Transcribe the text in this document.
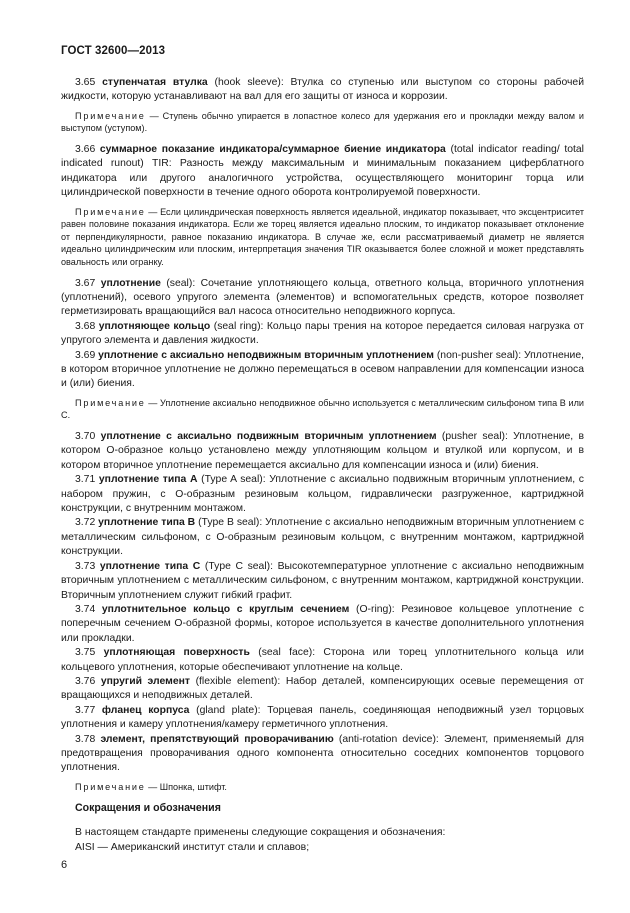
ГОСТ 32600—2013

3.65 ступенчатая втулка (hook sleeve): Втулка со ступенью или выступом со стороны рабочей жидкости, которую устанавливают на вал для его защиты от износа и коррозии.

Примечание — Ступень обычно упирается в лопастное колесо для удержания его и прокладки между валом и выступом (уступом).

3.66 суммарное показание индикатора/суммарное биение индикатора (total indicator reading/ total indicated runout) TIR: Разность между максимальным и минимальным показанием циферблатного индикатора или другого аналогичного устройства, осуществляющего мониторинг торца или цилиндрической поверхности в течение одного оборота контролируемой поверхности.

Примечание — Если цилиндрическая поверхность является идеальной, индикатор показывает, что эксцентриситет равен половине показания индикатора. Если же торец является идеально плоским, то индикатор показывает отклонение от перпендикулярности, равное показанию индикатора. В случае же, если рассматриваемый диаметр не является идеально цилиндрическим или плоским, интерпретация значения TIR оказывается более сложной и может представлять овальность или огранку.

3.67 уплотнение (seal): Сочетание уплотняющего кольца, ответного кольца, вторичного уплотнения (уплотнений), осевого упругого элемента (элементов) и вспомогательных средств, которое позволяет герметизировать вращающийся вал насоса относительно неподвижного корпуса.

3.68 уплотняющее кольцо (seal ring): Кольцо пары трения на которое передается силовая нагрузка от упругого элемента и давления жидкости.

3.69 уплотнение с аксиально неподвижным вторичным уплотнением (non-pusher seal): Уплотнение, в котором вторичное уплотнение не должно перемещаться в осевом направлении для компенсации износа и (или) биения.

Примечание — Уплотнение аксиально неподвижное обычно используется с металлическим сильфоном типа В или С.

3.70 уплотнение с аксиально подвижным вторичным уплотнением (pusher seal): Уплотнение, в котором О-образное кольцо установлено между уплотняющим кольцом и втулкой или корпусом, и в котором вторичное уплотнение перемещается аксиально для компенсации износа и (или) биения.

3.71 уплотнение типа А (Type A seal): Уплотнение с аксиально подвижным вторичным уплотнением, с набором пружин, с О-образным резиновым кольцом, гидравлически разгруженное, картриджной конструкции, с внутренним монтажом.

3.72 уплотнение типа В (Type B seal): Уплотнение с аксиально неподвижным вторичным уплотнением с металлическим сильфоном, с О-образным резиновым кольцом, с внутренним монтажом, картриджной конструкции.

3.73 уплотнение типа С (Type C seal): Высокотемпературное уплотнение с аксиально неподвижным вторичным уплотнением с металлическим сильфоном, с внутренним монтажом, картриджной конструкции. Вторичным уплотнением служит гибкий графит.

3.74 уплотнительное кольцо с круглым сечением (O-ring): Резиновое кольцевое уплотнение с поперечным сечением О-образной формы, которое используется в качестве дополнительного уплотнения или прокладки.

3.75 уплотняющая поверхность (seal face): Сторона или торец уплотнительного кольца или кольцевого уплотнения, которые обеспечивают уплотнение на кольце.

3.76 упругий элемент (flexible element): Набор деталей, компенсирующих осевые перемещения от вращающихся и неподвижных деталей.

3.77 фланец корпуса (gland plate): Торцевая панель, соединяющая неподвижный узел торцовых уплотнения и камеру уплотнения/камеру герметичного уплотнения.

3.78 элемент, препятствующий проворачиванию (anti-rotation device): Элемент, применяемый для предотвращения проворачивания одного компонента относительно соседних компонентов торцового уплотнения.

Примечание — Шпонка, штифт.

Сокращения и обозначения

В настоящем стандарте применены следующие сокращения и обозначения:

AISI — Американский институт стали и сплавов;

6
